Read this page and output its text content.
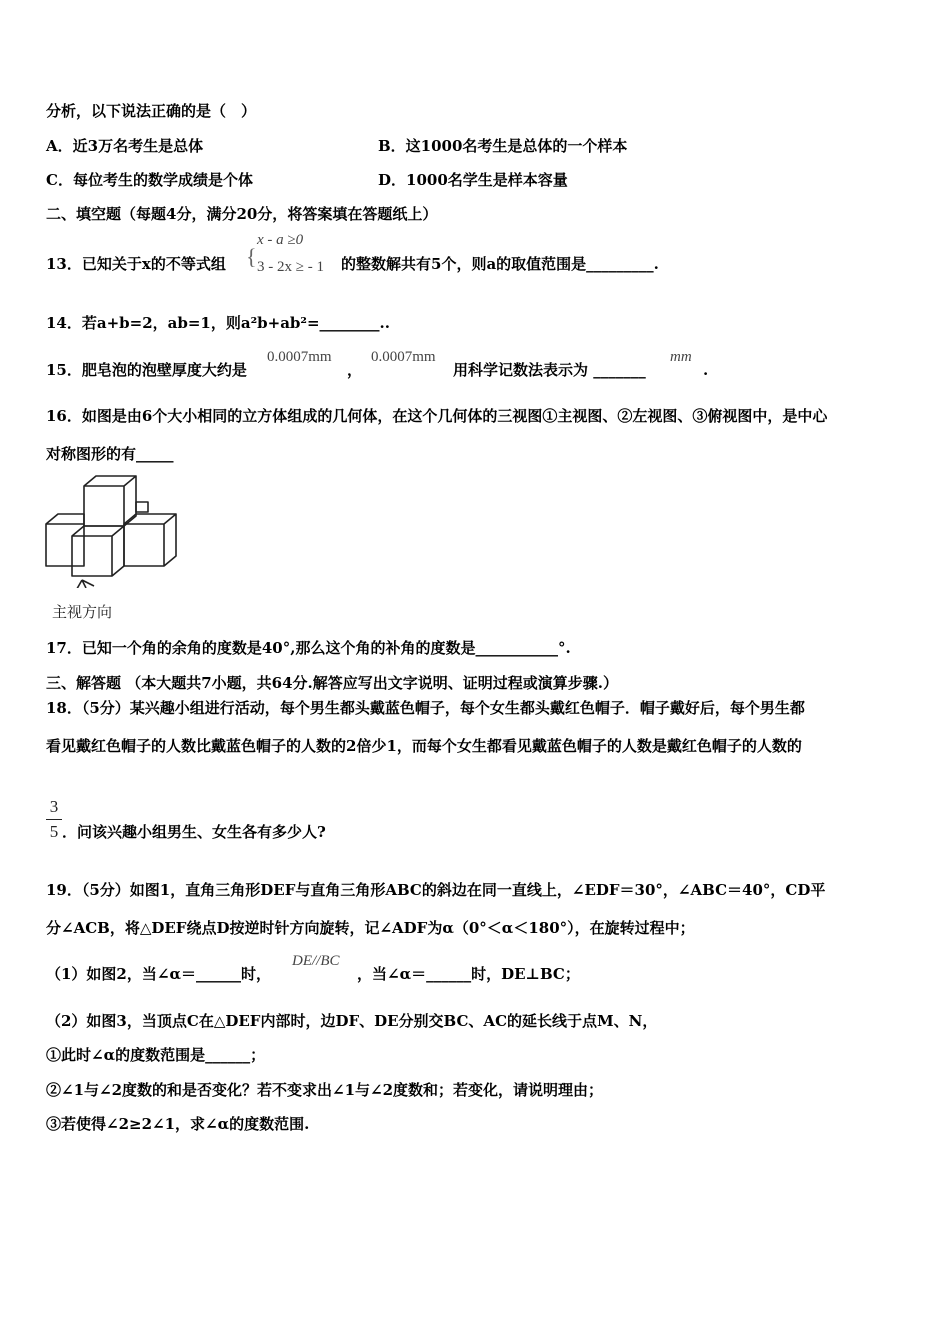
分析，以下说法正确的是（　）
A．近3万名考生是总体	B．这1000名考生是总体的一个样本
C．每位考生的数学成绩是个体	D．1000名学生是样本容量
二、填空题（每题4分，满分20分，将答案填在答题纸上）
13．已知关于x的不等式组 {
x - a ≥0
3 - 2x ≥ - 1 的整数解共有5个，则a的取值范围是_________.
14．若a+b=2，ab=1，则a²b+ab²=________..
15．肥皂泡的泡壁厚度大约是
0.0007mm
，
0.0007mm
用科学记数法表示为 _______
mm
.
16．如图是由6个大小相同的立方体组成的几何体，在这个几何体的三视图①主视图、②左视图、③俯视图中，是中心
对称图形的有_____
主视方向
17．已知一个角的余角的度数是40°,那么这个角的补角的度数是___________°.
三、解答题 （本大题共7小题，共64分.解答应写出文字说明、证明过程或演算步骤.）
18．（5分）某兴趣小组进行活动，每个男生都头戴蓝色帽子，每个女生都头戴红色帽子．帽子戴好后，每个男生都
看见戴红色帽子的人数比戴蓝色帽子的人数的2倍少1，而每个女生都看见戴蓝色帽子的人数是戴红色帽子的人数的
3
5 ．问该兴趣小组男生、女生各有多少人?
19．（5分）如图1，直角三角形DEF与直角三角形ABC的斜边在同一直线上，∠EDF＝30°，∠ABC＝40°，CD平
分∠ACB，将△DEF绕点D按逆时针方向旋转，记∠ADF为α（0°＜α＜180°），在旋转过程中；
（1）如图2，当∠α＝______时，
DE//BC
，当∠α＝______时，DE⊥BC；
（2）如图3，当顶点C在△DEF内部时，边DF、DE分别交BC、AC的延长线于点M、N，
①此时∠α的度数范围是______；
②∠1与∠2度数的和是否变化？若不变求出∠1与∠2度数和；若变化，请说明理由；
③若使得∠2≥2∠1，求∠α的度数范围.
